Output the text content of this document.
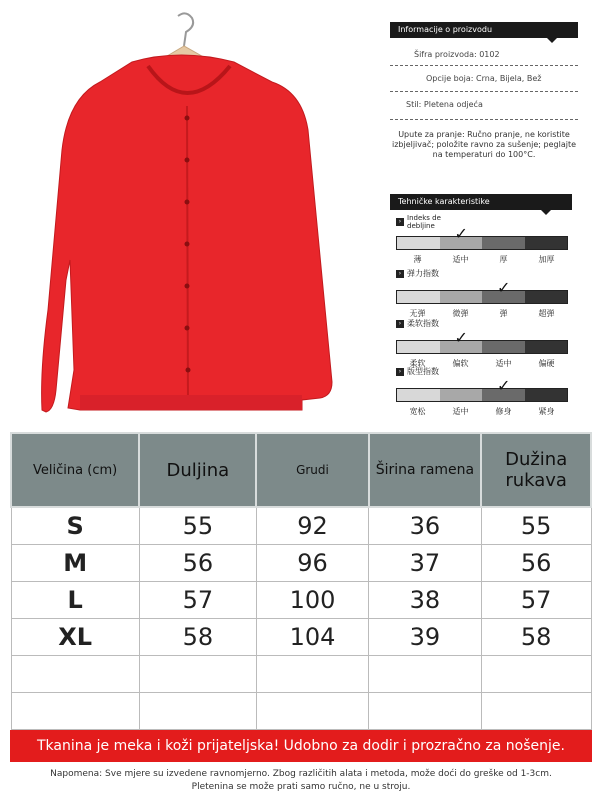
Informacije o proizvodu
Šifra proizvoda: 0102
Opcije boja: Crna, Bijela, Bež
Stil: Pletena odjeća
Upute za pranje: Ručno pranje, ne koristite izbjeljivač; položite ravno za sušenje; peglajte na temperaturi do 100°C.
Tehničke karakteristike
› Indeks de debljine	✓
薄	适中	厚	加厚
› 弹力指数
✓
无弹	微弹	弹	超弹
› 柔软指数
✓
柔软	偏软	适中	偏硬
› 版型指数
✓
宽松	适中	修身	紧身
Veličina (cm)	Duljina	Grudi	Širina ramena	Dužina rukava
S	55	92	36	55
M	56	96	37	56
L	57	100	38	57
XL	58	104	39	58

Tkanina je meka i koži prijateljska! Udobno za dodir i prozračno za nošenje.
Napomena: Sve mjere su izvedene ravnomjerno. Zbog različitih alata i metoda, može doći do greške od 1-3cm.
Pletenina se može prati samo ručno, ne u stroju.
